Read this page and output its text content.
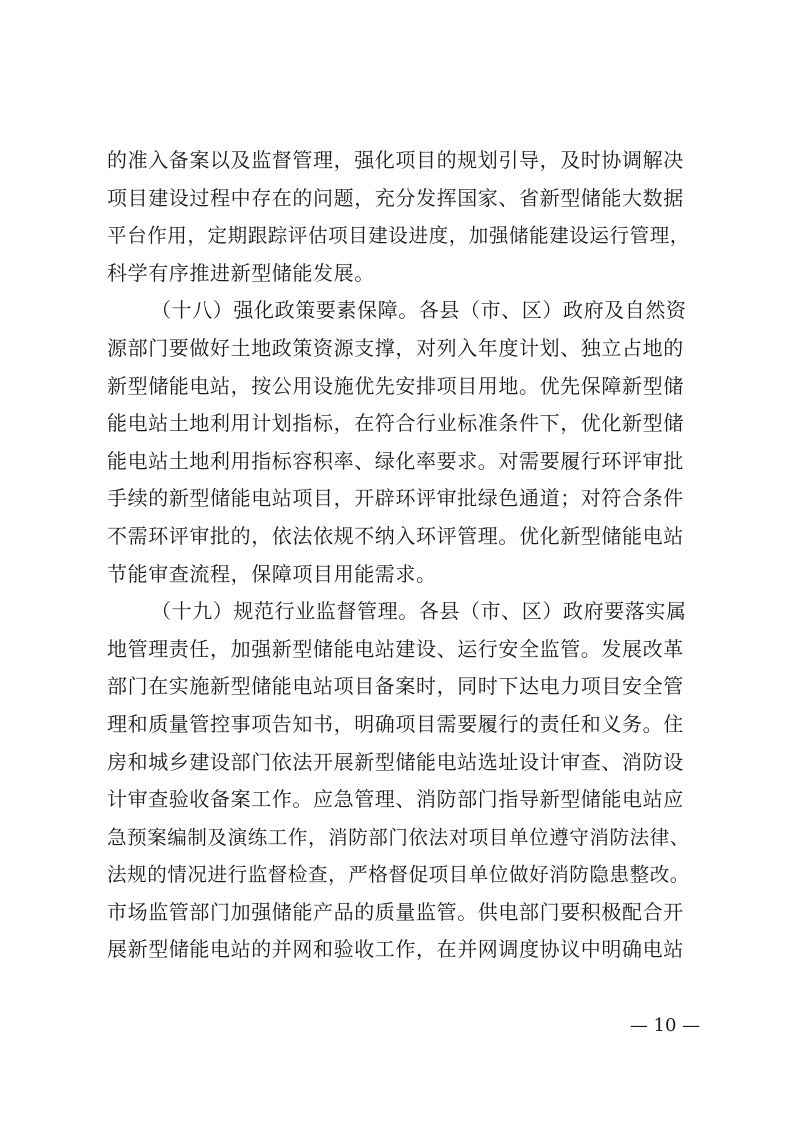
的准入备案以及监督管理，强化项目的规划引导，及时协调解决
项目建设过程中存在的问题，充分发挥国家、省新型储能大数据
平台作用，定期跟踪评估项目建设进度，加强储能建设运行管理，
科学有序推进新型储能发展。
（十八）强化政策要素保障。各县（市、区）政府及自然资
源部门要做好土地政策资源支撑，对列入年度计划、独立占地的
新型储能电站，按公用设施优先安排项目用地。优先保障新型储
能电站土地利用计划指标，在符合行业标准条件下，优化新型储
能电站土地利用指标容积率、绿化率要求。对需要履行环评审批
手续的新型储能电站项目，开辟环评审批绿色通道；对符合条件
不需环评审批的，依法依规不纳入环评管理。优化新型储能电站
节能审查流程，保障项目用能需求。
（十九）规范行业监督管理。各县（市、区）政府要落实属
地管理责任，加强新型储能电站建设、运行安全监管。发展改革
部门在实施新型储能电站项目备案时，同时下达电力项目安全管
理和质量管控事项告知书，明确项目需要履行的责任和义务。住
房和城乡建设部门依法开展新型储能电站选址设计审查、消防设
计审查验收备案工作。应急管理、消防部门指导新型储能电站应
急预案编制及演练工作，消防部门依法对项目单位遵守消防法律、
法规的情况进行监督检查，严格督促项目单位做好消防隐患整改。
市场监管部门加强储能产品的质量监管。供电部门要积极配合开
展新型储能电站的并网和验收工作，在并网调度协议中明确电站
— 10 —
